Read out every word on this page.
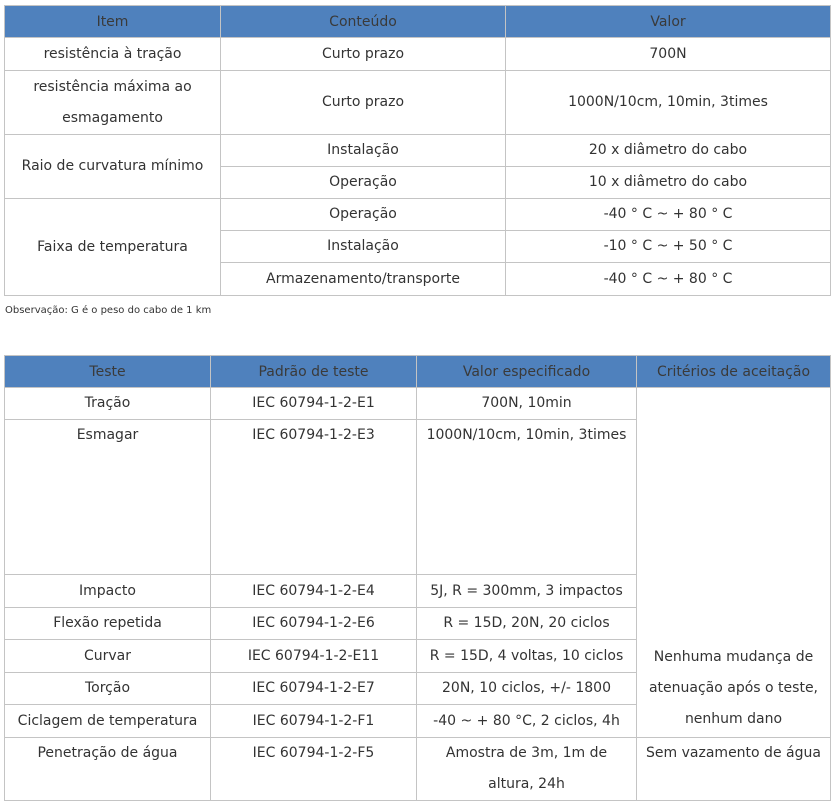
Item	Conteúdo	Valor
resistência à tração	Curto prazo	700N
resistência máxima ao esmagamento	Curto prazo	1000N/10cm, 10min, 3times
Raio de curvatura mínimo	Instalação	20 x diâmetro do cabo
	Operação	10 x diâmetro do cabo
Faixa de temperatura	Operação	-40 ° C ~ + 80 ° C
	Instalação	-10 ° C ~ + 50 ° C
	Armazenamento/transporte	-40 ° C ~ + 80 ° C
Observação: G é o peso do cabo de 1 km
Teste	Padrão de teste	Valor especificado	Critérios de aceitação
Tração	IEC 60794-1-2-E1	700N, 10min	Nenhuma mudança de atenuação após o teste, nenhum dano
Esmagar	IEC 60794-1-2-E3	1000N/10cm, 10min, 3times	
Impacto	IEC 60794-1-2-E4	5J, R = 300mm, 3 impactos	
Flexão repetida	IEC 60794-1-2-E6	R = 15D, 20N, 20 ciclos	
Curvar	IEC 60794-1-2-E11	R = 15D, 4 voltas, 10 ciclos	
Torção	IEC 60794-1-2-E7	20N, 10 ciclos, +/- 1800	
Ciclagem de temperatura	IEC 60794-1-2-F1	-40 ~ + 80 °C, 2 ciclos, 4h	
Penetração de água	IEC 60794-1-2-F5	Amostra de 3m, 1m de altura, 24h	Sem vazamento de água
